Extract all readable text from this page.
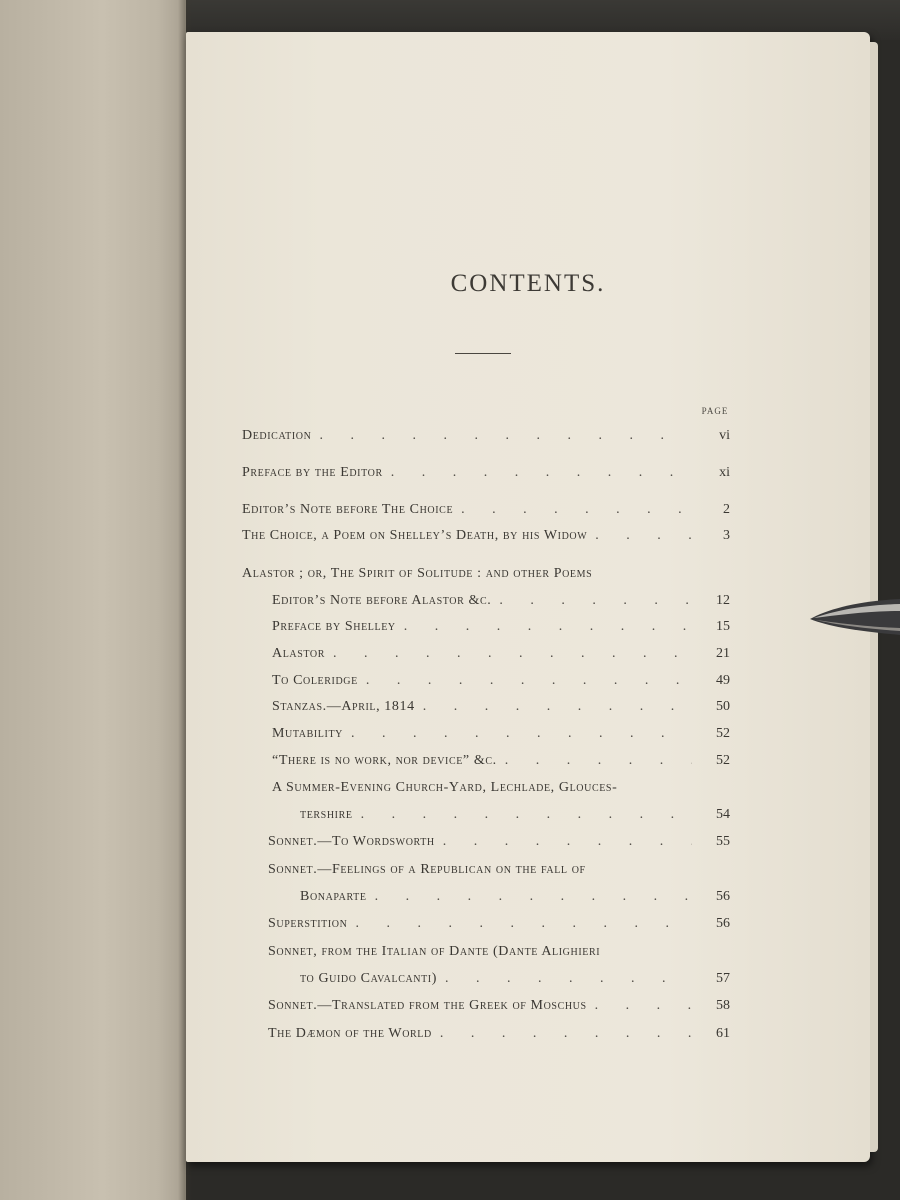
CONTENTS.
PAGE
Dedication . . .	vi
Preface by the Editor . . .	xi
Editor’s Note before The Choice . . .	2
The Choice, a Poem on Shelley’s Death, by his Widow . . .	3
Alastor ; or, The Spirit of Solitude : and other Poems
Editor’s Note before Alastor &c. . . .	12
Preface by Shelley . . .	15
Alastor . . .	21
To Coleridge . . .	49
Stanzas.—April, 1814 . . .	50
Mutability . . .	52
“There is no work, nor device” &c. . . .	52
A Summer-Evening Church-Yard, Lechlade, Glouces-
tershire . . .	54
Sonnet.—To Wordsworth . . .	55
Sonnet.—Feelings of a Republican on the fall of
Bonaparte . . .	56
Superstition . . .	56
Sonnet, from the Italian of Dante (Dante Alighieri
to Guido Cavalcanti) . . .	57
Sonnet.—Translated from the Greek of Moschus . . .	58
The Dæmon of the World . . .	61
